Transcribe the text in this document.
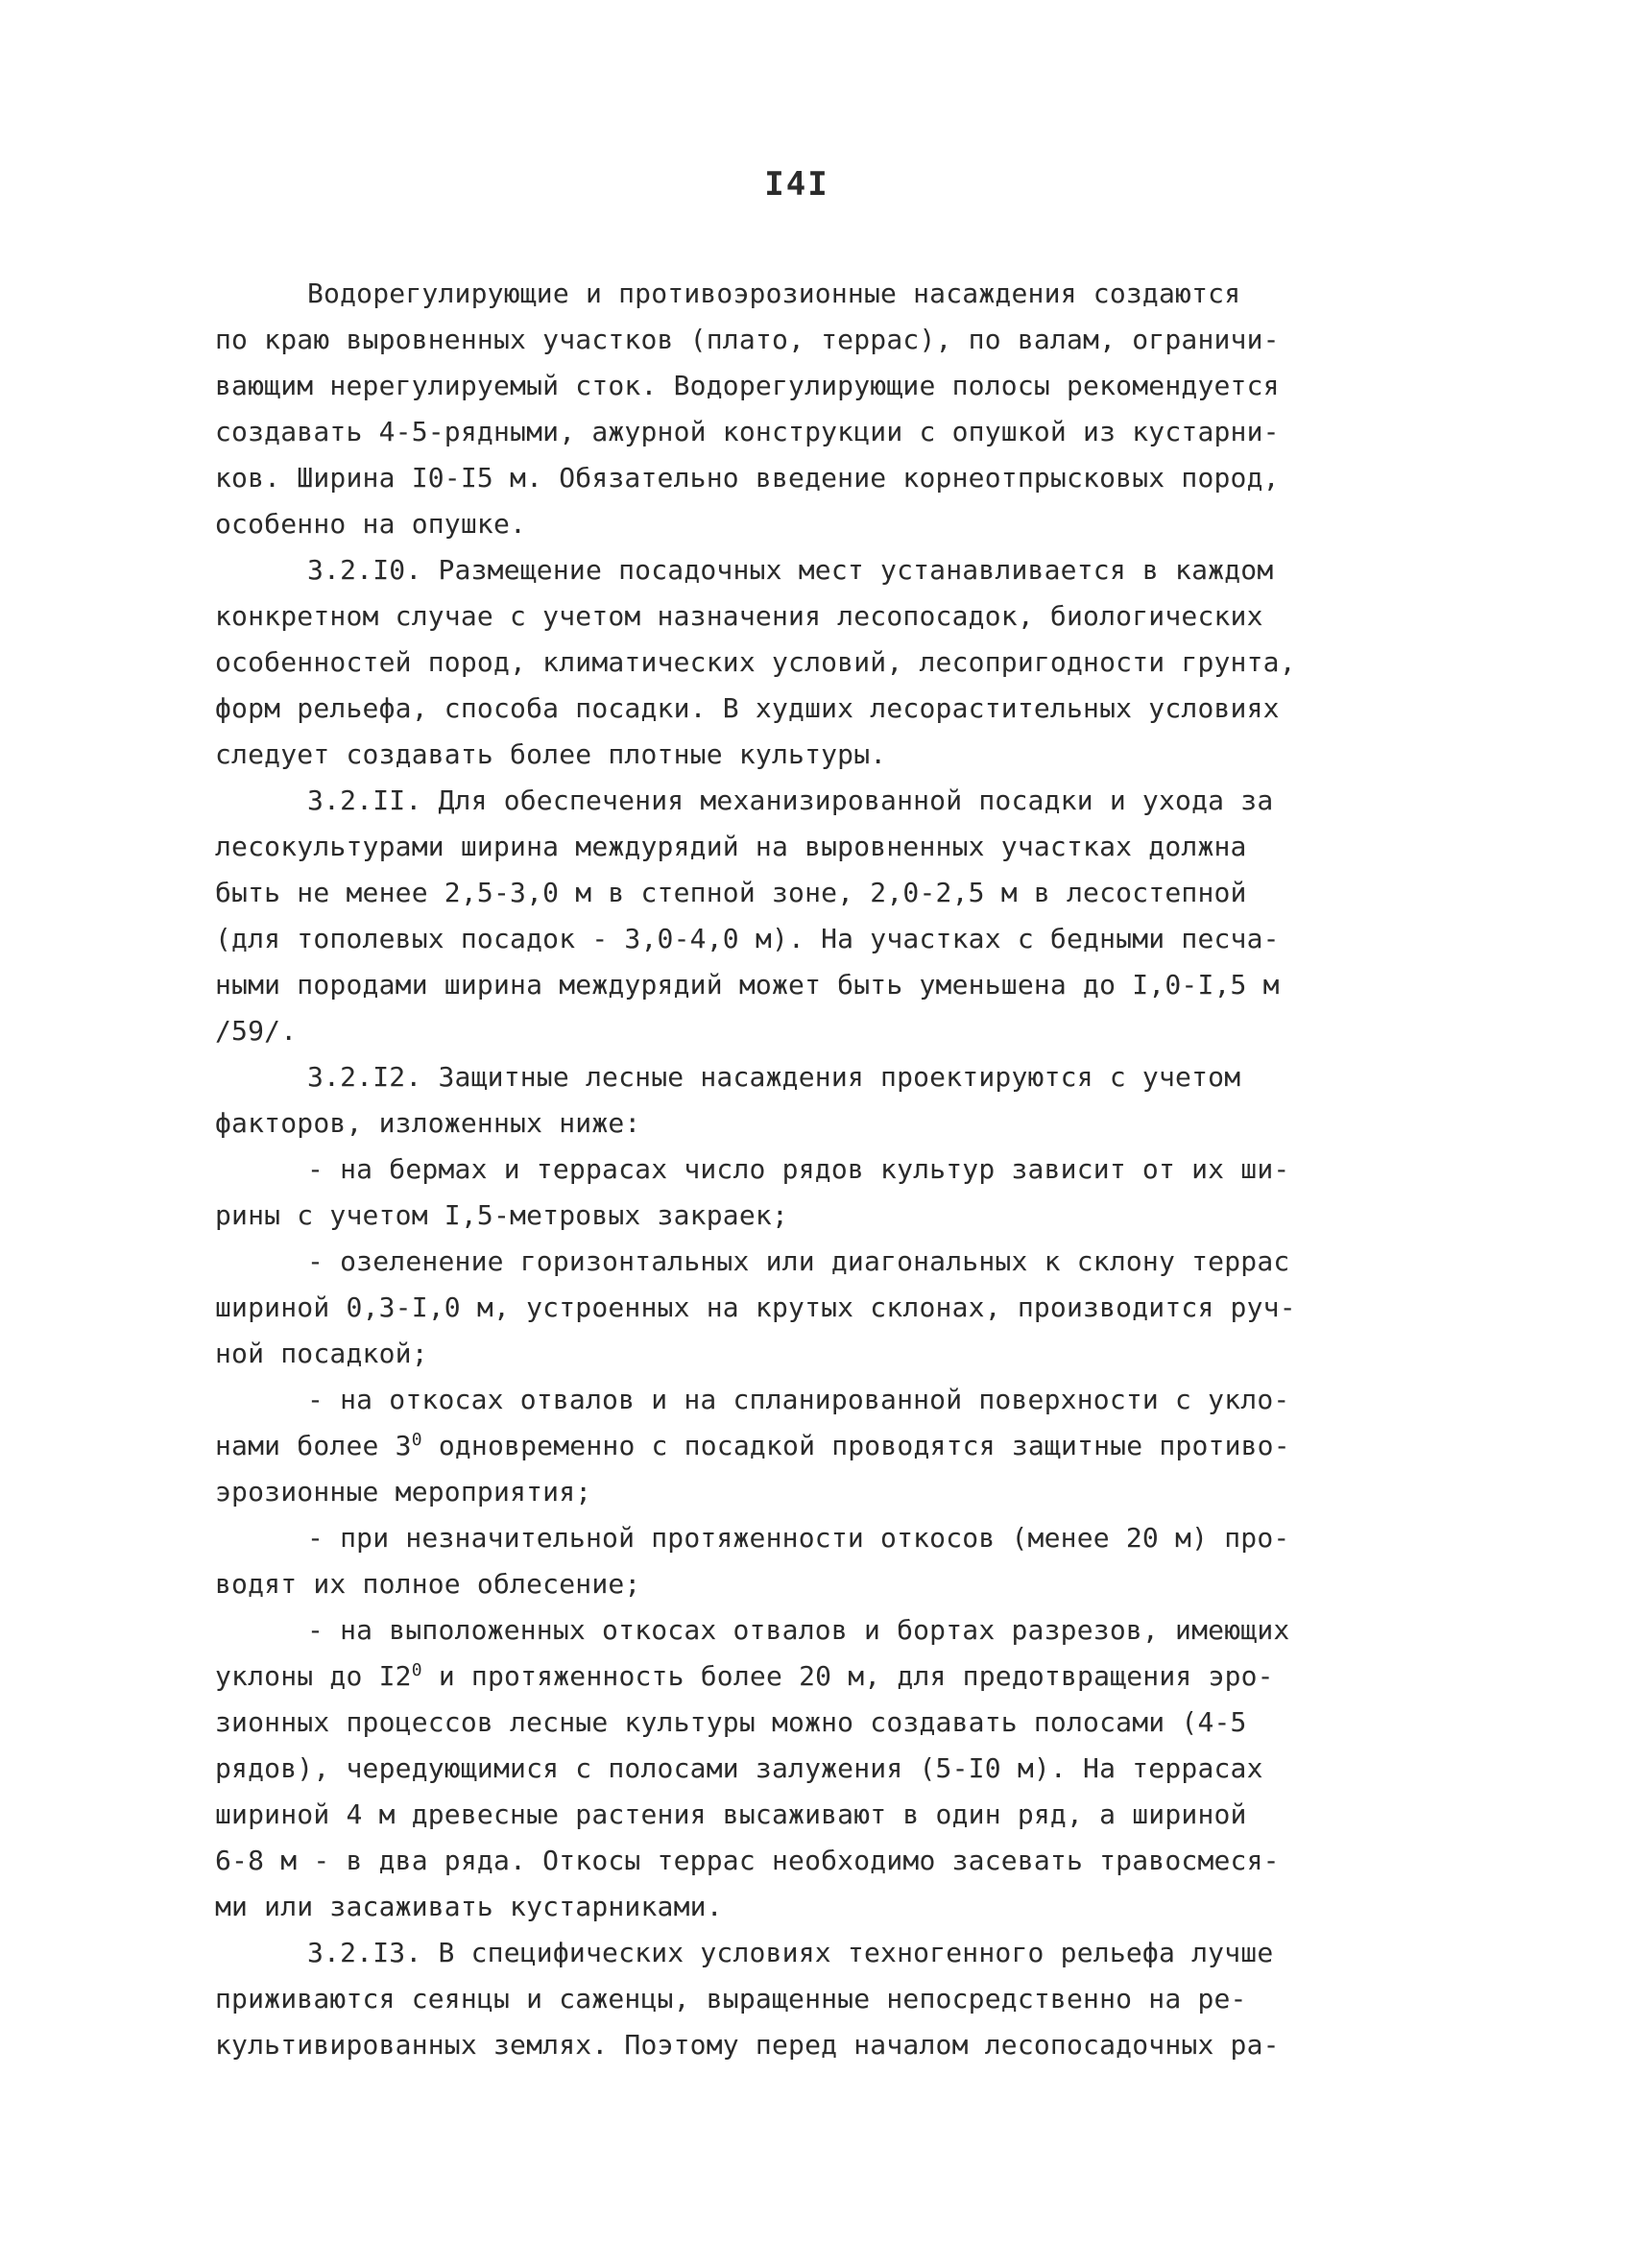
I4I
Водорегулирующие и противоэрозионные насаждения создаются
по краю выровненных участков (плато, террас), по валам, ограничи-
вающим нерегулируемый сток. Водорегулирующие полосы рекомендуется
создавать 4-5-рядными, ажурной конструкции с опушкой из кустарни-
ков. Ширина I0-I5 м. Обязательно введение корнеотпрысковых пород,
особенно на опушке.
3.2.I0. Размещение посадочных мест устанавливается в каждом
конкретном случае с учетом назначения лесопосадок, биологических
особенностей пород, климатических условий, лесопригодности грунта,
форм рельефа, способа посадки. В худших лесорастительных условиях
следует создавать более плотные культуры.
3.2.II. Для обеспечения механизированной посадки и ухода за
лесокультурами ширина междурядий на выровненных участках должна
быть не менее 2,5-3,0 м в степной зоне, 2,0-2,5 м в лесостепной
(для тополевых посадок - 3,0-4,0 м). На участках с бедными песча-
ными породами ширина междурядий может быть уменьшена до I,0-I,5 м
/59/.
3.2.I2. Защитные лесные насаждения проектируются с учетом
факторов, изложенных ниже:
- на бермах и террасах число рядов культур зависит от их ши-
рины с учетом I,5-метровых закраек;
- озеленение горизонтальных или диагональных к склону террас
шириной 0,3-I,0 м, устроенных на крутых склонах, производится руч-
ной посадкой;
- на откосах отвалов и на спланированной поверхности с укло-
нами более $3^0$ одновременно с посадкой проводятся защитные противо-
эрозионные мероприятия;
- при незначительной протяженности откосов (менее 20 м) про-
водят их полное облесение;
- на выположенных откосах отвалов и бортах разрезов, имеющих
уклоны до $I2^0$ и протяженность более 20 м, для предотвращения эро-
зионных процессов лесные культуры можно создавать полосами (4-5
рядов), чередующимися с полосами залужения (5-I0 м). На террасах
шириной 4 м древесные растения высаживают в один ряд, а шириной
6-8 м - в два ряда. Откосы террас необходимо засевать травосмеся-
ми или засаживать кустарниками.
3.2.I3. В специфических условиях техногенного рельефа лучше
приживаются сеянцы и саженцы, выращенные непосредственно на ре-
культивированных землях. Поэтому перед началом лесопосадочных ра-
